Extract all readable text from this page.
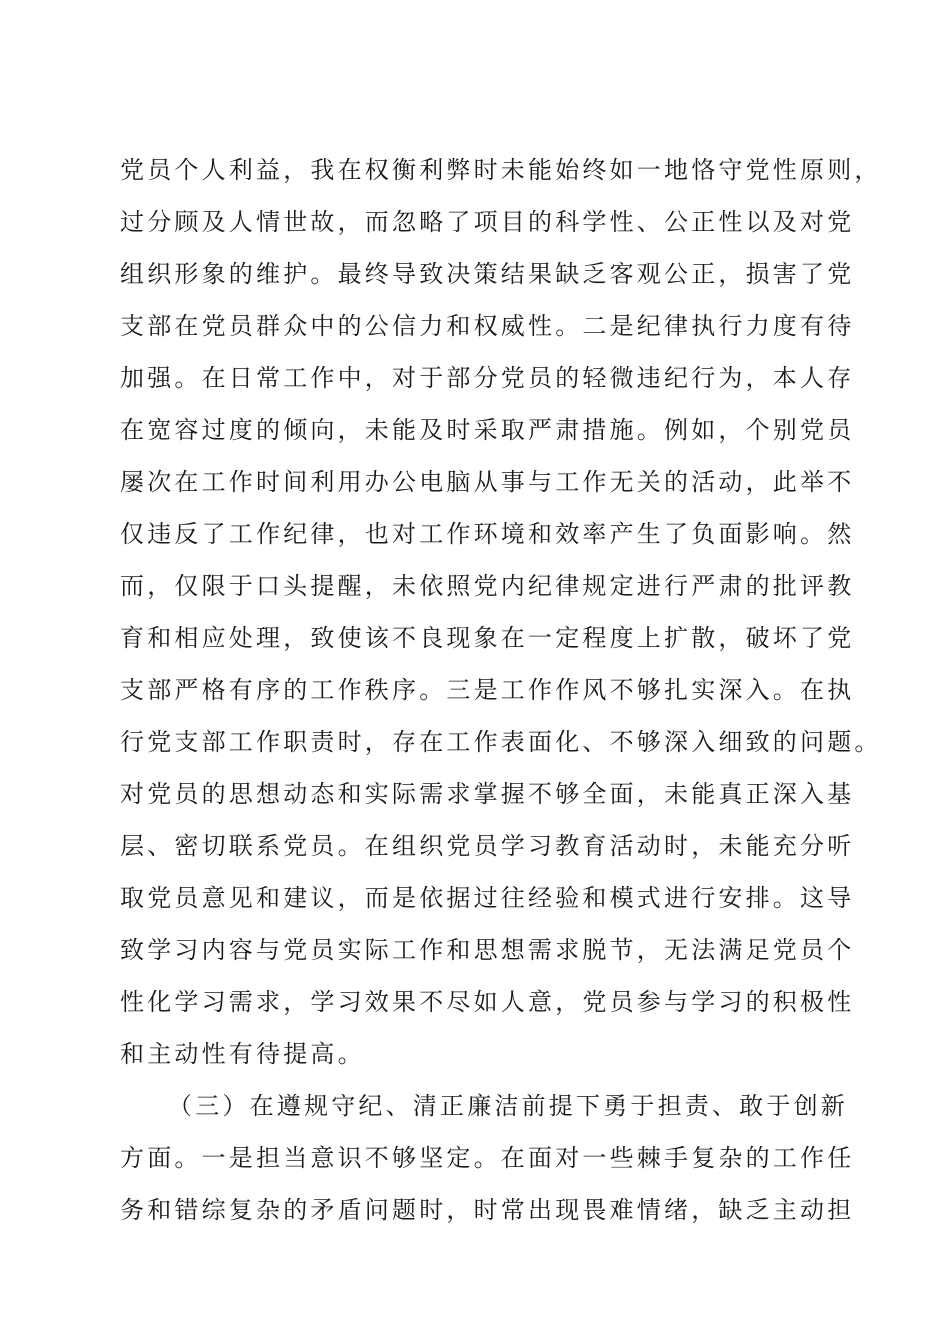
党员个人利益，我在权衡利弊时未能始终如一地恪守党性原则，
过分顾及人情世故，而忽略了项目的科学性、公正性以及对党
组织形象的维护。最终导致决策结果缺乏客观公正，损害了党
支部在党员群众中的公信力和权威性。二是纪律执行力度有待
加强。在日常工作中，对于部分党员的轻微违纪行为，本人存
在宽容过度的倾向，未能及时采取严肃措施。例如，个别党员
屡次在工作时间利用办公电脑从事与工作无关的活动，此举不
仅违反了工作纪律，也对工作环境和效率产生了负面影响。然
而，仅限于口头提醒，未依照党内纪律规定进行严肃的批评教
育和相应处理，致使该不良现象在一定程度上扩散，破坏了党
支部严格有序的工作秩序。三是工作作风不够扎实深入。在执
行党支部工作职责时，存在工作表面化、不够深入细致的问题。
对党员的思想动态和实际需求掌握不够全面，未能真正深入基
层、密切联系党员。在组织党员学习教育活动时，未能充分听
取党员意见和建议，而是依据过往经验和模式进行安排。这导
致学习内容与党员实际工作和思想需求脱节，无法满足党员个
性化学习需求，学习效果不尽如人意，党员参与学习的积极性
和主动性有待提高。
（三）在遵规守纪、清正廉洁前提下勇于担责、敢于创新
方面。一是担当意识不够坚定。在面对一些棘手复杂的工作任
务和错综复杂的矛盾问题时，时常出现畏难情绪，缺乏主动担
